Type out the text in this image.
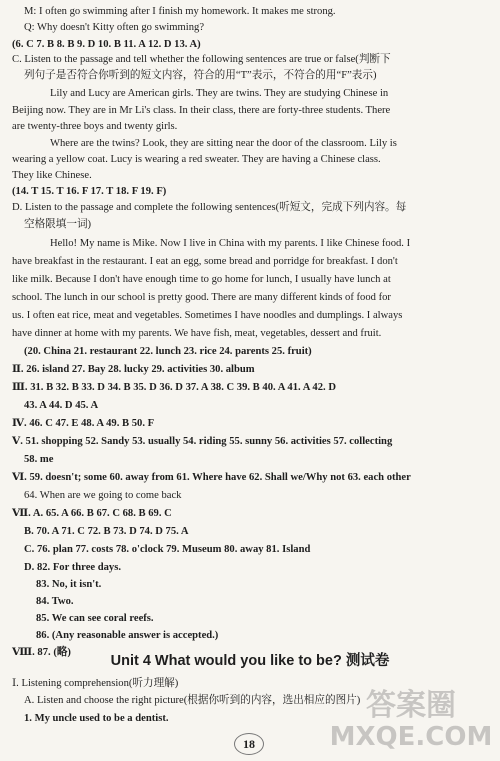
M: I often go swimming after I finish my homework. It makes me strong.
Q: Why doesn't Kitty often go swimming?
(6. C 7. B 8. B 9. D 10. B 11. A 12. D 13. A)
C. Listen to the passage and tell whether the following sentences are true or false(判断下
列句子是否符合你听到的短文内容，符合的用“T”表示，不符合的用“F”表示)
Lily and Lucy are American girls. They are twins. They are studying Chinese in
Beijing now. They are in Mr Li's class. In their class, there are forty-three students. There
are twenty-three boys and twenty girls.
Where are the twins? Look, they are sitting near the door of the classroom. Lily is
wearing a yellow coat. Lucy is wearing a red sweater. They are having a Chinese class.
They like Chinese.
(14. T 15. T 16. F 17. T 18. F 19. F)
D. Listen to the passage and complete the following sentences(听短文，完成下列内容。每
空格限填一词)
Hello! My name is Mike. Now I live in China with my parents. I like Chinese food. I
have breakfast in the restaurant. I eat an egg, some bread and porridge for breakfast. I don't
like milk. Because I don't have enough time to go home for lunch, I usually have lunch at
school. The lunch in our school is pretty good. There are many different kinds of food for
us. I often eat rice, meat and vegetables. Sometimes I have noodles and dumplings. I always
have dinner at home with my parents. We have fish, meat, vegetables, dessert and fruit.
(20. China 21. restaurant 22. lunch 23. rice 24. parents 25. fruit)
Ⅱ. 26. island 27. Bay 28. lucky 29. activities 30. album
Ⅲ. 31. B 32. B 33. D 34. B 35. D 36. D 37. A 38. C 39. B 40. A 41. A 42. D
43. A 44. D 45. A
Ⅳ. 46. C 47. E 48. A 49. B 50. F
Ⅴ. 51. shopping 52. Sandy 53. usually 54. riding 55. sunny 56. activities 57. collecting
58. me
Ⅵ. 59. doesn't; some 60. away from 61. Where have 62. Shall we/Why not 63. each other
64. When are we going to come back
Ⅶ. A. 65. A 66. B 67. C 68. B 69. C
B. 70. A 71. C 72. B 73. D 74. D 75. A
C. 76. plan 77. costs 78. o'clock 79. Museum 80. away 81. Island
D. 82. For three days.
83. No, it isn't.
84. Two.
85. We can see coral reefs.
86. (Any reasonable answer is accepted.)
Ⅷ. 87. (略)
Unit 4 What would you like to be? 测试卷
Ⅰ. Listening comprehension(听力理解)
A. Listen and choose the right picture(根据你听到的内容，选出相应的图片)
1. My uncle used to be a dentist.
18
答案圈
MXQE.COM
